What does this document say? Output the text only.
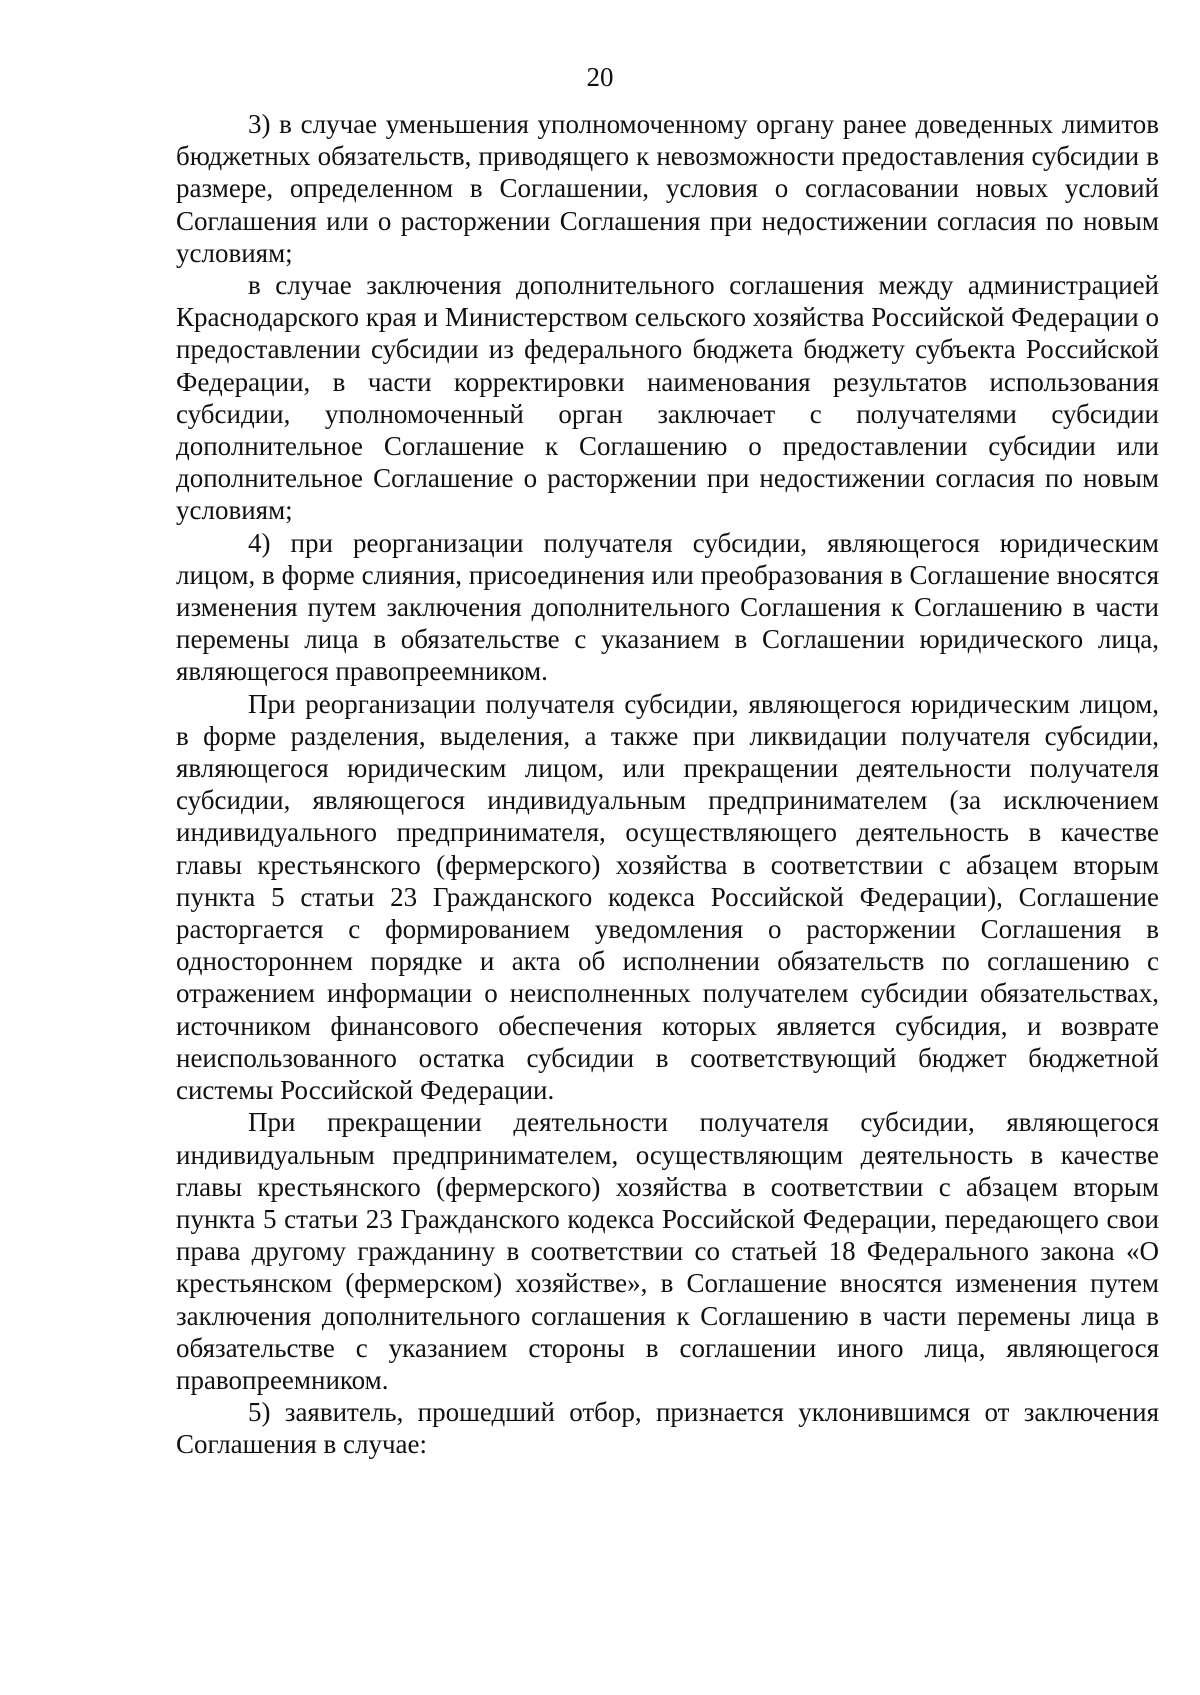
20

3) в случае уменьшения уполномоченному органу ранее доведенных лимитов бюджетных обязательств, приводящего к невозможности предоставления субсидии в размере, определенном в Соглашении, условия о согласовании новых условий Соглашения или о расторжении Соглашения при недостижении согласия по новым условиям;

в случае заключения дополнительного соглашения между администрацией Краснодарского края и Министерством сельского хозяйства Российской Федерации о предоставлении субсидии из федерального бюджета бюджету субъекта Российской Федерации, в части корректировки наименования результатов использования субсидии, уполномоченный орган заключает с получателями субсидии дополнительное Соглашение к Соглашению о предоставлении субсидии или дополнительное Соглашение о расторжении при недостижении согласия по новым условиям;

4) при реорганизации получателя субсидии, являющегося юридическим лицом, в форме слияния, присоединения или преобразования в Соглашение вносятся изменения путем заключения дополнительного Соглашения к Соглашению в части перемены лица в обязательстве с указанием в Соглашении юридического лица, являющегося правопреемником.

При реорганизации получателя субсидии, являющегося юридическим лицом, в форме разделения, выделения, а также при ликвидации получателя субсидии, являющегося юридическим лицом, или прекращении деятельности получателя субсидии, являющегося индивидуальным предпринимателем (за исключением индивидуального предпринимателя, осуществляющего деятельность в качестве главы крестьянского (фермерского) хозяйства в соответствии с абзацем вторым пункта 5 статьи 23 Гражданского кодекса Российской Федерации), Соглашение расторгается с формированием уведомления о расторжении Соглашения в одностороннем порядке и акта об исполнении обязательств по соглашению с отражением информации о неисполненных получателем субсидии обязательствах, источником финансового обеспечения которых является субсидия, и возврате неиспользованного остатка субсидии в соответствующий бюджет бюджетной системы Российской Федерации.

При прекращении деятельности получателя субсидии, являющегося индивидуальным предпринимателем, осуществляющим деятельность в качестве главы крестьянского (фермерского) хозяйства в соответствии с абзацем вторым пункта 5 статьи 23 Гражданского кодекса Российской Федерации, передающего свои права другому гражданину в соответствии со статьей 18 Федерального закона «О крестьянском (фермерском) хозяйстве», в Соглашение вносятся изменения путем заключения дополнительного соглашения к Соглашению в части перемены лица в обязательстве с указанием стороны в соглашении иного лица, являющегося правопреемником.

5) заявитель, прошедший отбор, признается уклонившимся от заключения Соглашения в случае:
